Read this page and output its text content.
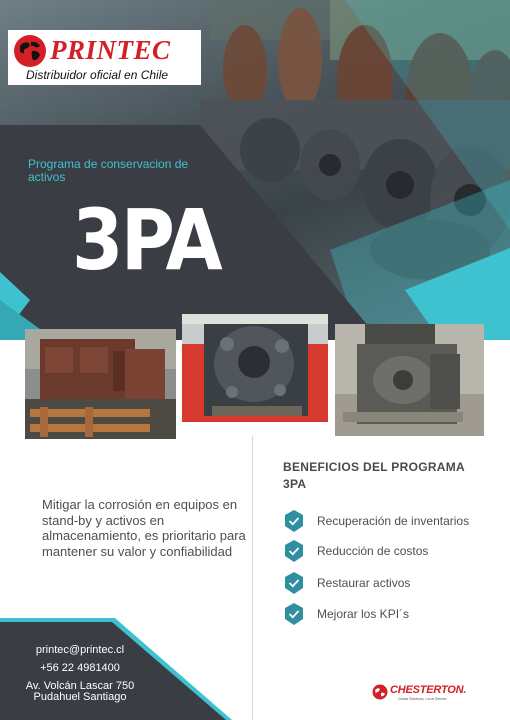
PRINTEC
Distribuidor oficial en Chile
Programa de conservacion de activos
3PA
Mitigar la corrosión en equipos en stand-by y activos en almacenamiento, es prioritario para mantener su valor y confiabilidad
BENEFICIOS DEL PROGRAMA 3PA
Recuperación de inventarios
Reducción de costos
Restaurar activos
Mejorar los KPI´s
printec@printec.cl
+56 22 4981400
Av. Volcán Lascar 750
Pudahuel Santiago
CHESTERTON.
Global Solutions, Local Service.
